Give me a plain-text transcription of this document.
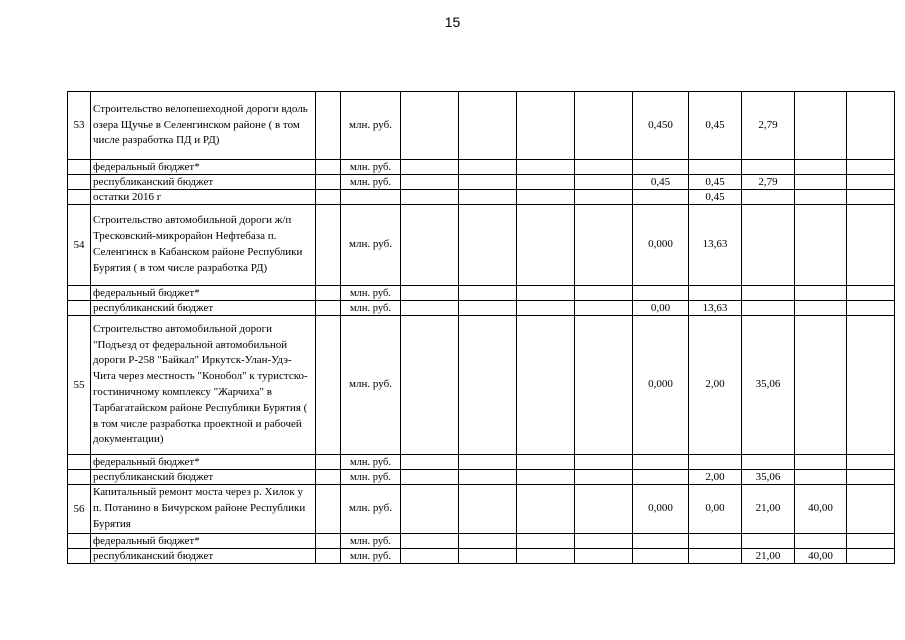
15
53	Строительство велопешеходной дороги вдоль озера Щучье в Селенгинском районе ( в том числе разработка ПД и РД)		млн. руб.					0,450	0,45	2,79		
	федеральный бюджет*		млн. руб.									
	республиканский бюджет		млн. руб.					0,45	0,45	2,79		
	остатки 2016 г								0,45			
54	Строительство автомобильной дороги ж/п Тресковский-микрорайон Нефтебаза п. Селенгинск в Кабанском районе Республики Бурятия ( в том числе разработка РД)		млн. руб.					0,000	13,63			
	федеральный бюджет*		млн. руб.									
	республиканский бюджет		млн. руб.					0,00	13,63			
55	Строительство автомобильной дороги "Подъезд от федеральной автомобильной дороги Р-258 "Байкал" Иркутск-Улан-Удэ-Чита через местность "Конобол" к туристско-гостиничному комплексу "Жарчиха" в Тарбагатайском районе Республики Бурятия ( в том числе разработка проектной и рабочей документации)		млн. руб.					0,000	2,00	35,06		
	федеральный бюджет*		млн. руб.									
	республиканский бюджет		млн. руб.						2,00	35,06		
56	Капитальный ремонт моста через р. Хилок у п. Потанино в Бичурском районе Республики Бурятия		млн. руб.					0,000	0,00	21,00	40,00	
	федеральный бюджет*		млн. руб.									
	республиканский бюджет		млн. руб.							21,00	40,00	
